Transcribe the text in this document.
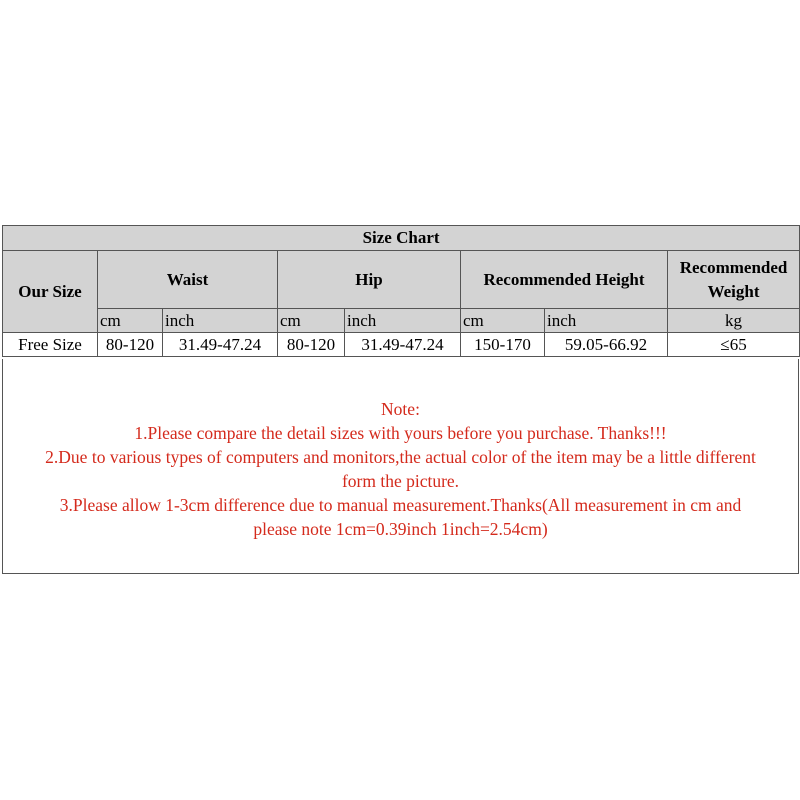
Size Chart							
Our Size	Waist		Hip		Recommended Height		Recommended Weight
	cm	inch	cm	inch	cm	inch	kg
Free Size	80-120	31.49-47.24	80-120	31.49-47.24	150-170	59.05-66.92	≤65
Note:
1.Please compare the detail sizes with yours before you purchase. Thanks!!!
2.Due to various types of computers and monitors,the actual color of the item may be a little different
form the picture.
3.Please allow 1-3cm difference due to manual measurement.Thanks(All measurement in cm and
please note 1cm=0.39inch 1inch=2.54cm)
